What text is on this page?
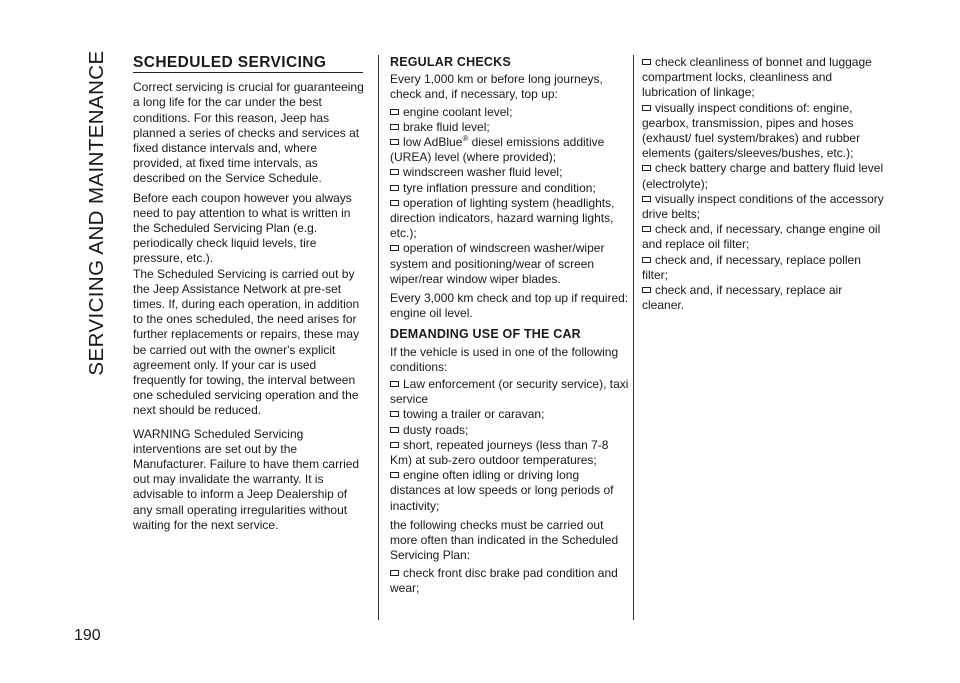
SERVICING AND MAINTENANCE
190
SCHEDULED SERVICING

Correct servicing is crucial for guaranteeing a long life for the car under the best conditions. For this reason, Jeep has planned a series of checks and services at fixed distance intervals and, where provided, at fixed time intervals, as described on the Service Schedule.

Before each coupon however you always need to pay attention to what is written in the Scheduled Servicing Plan (e.g. periodically check liquid levels, tire pressure, etc.).

The Scheduled Servicing is carried out by the Jeep Assistance Network at pre-set times. If, during each operation, in addition to the ones scheduled, the need arises for further replacements or repairs, these may be carried out with the owner's explicit agreement only. If your car is used frequently for towing, the interval between one scheduled servicing operation and the next should be reduced.

WARNING Scheduled Servicing interventions are set out by the Manufacturer. Failure to have them carried out may invalidate the warranty. It is advisable to inform a Jeep Dealership of any small operating irregularities without waiting for the next service.

REGULAR CHECKS

Every 1,000 km or before long journeys, check and, if necessary, top up:

engine coolant level;
brake fluid level;
low AdBlue® diesel emissions additive (UREA) level (where provided);
windscreen washer fluid level;
tyre inflation pressure and condition;
operation of lighting system (headlights, direction indicators, hazard warning lights, etc.);
operation of windscreen washer/wiper system and positioning/wear of screen wiper/rear window wiper blades.

Every 3,000 km check and top up if required: engine oil level.

DEMANDING USE OF THE CAR

If the vehicle is used in one of the following conditions:

Law enforcement (or security service), taxi service
towing a trailer or caravan;
dusty roads;
short, repeated journeys (less than 7-8 Km) at sub-zero outdoor temperatures;
engine often idling or driving long distances at low speeds or long periods of inactivity;

the following checks must be carried out more often than indicated in the Scheduled Servicing Plan:

check front disc brake pad condition and wear;
check cleanliness of bonnet and luggage compartment locks, cleanliness and lubrication of linkage;
visually inspect conditions of: engine, gearbox, transmission, pipes and hoses (exhaust/ fuel system/brakes) and rubber elements (gaiters/sleeves/bushes, etc.);
check battery charge and battery fluid level (electrolyte);
visually inspect conditions of the accessory drive belts;
check and, if necessary, change engine oil and replace oil filter;
check and, if necessary, replace pollen filter;
check and, if necessary, replace air cleaner.
